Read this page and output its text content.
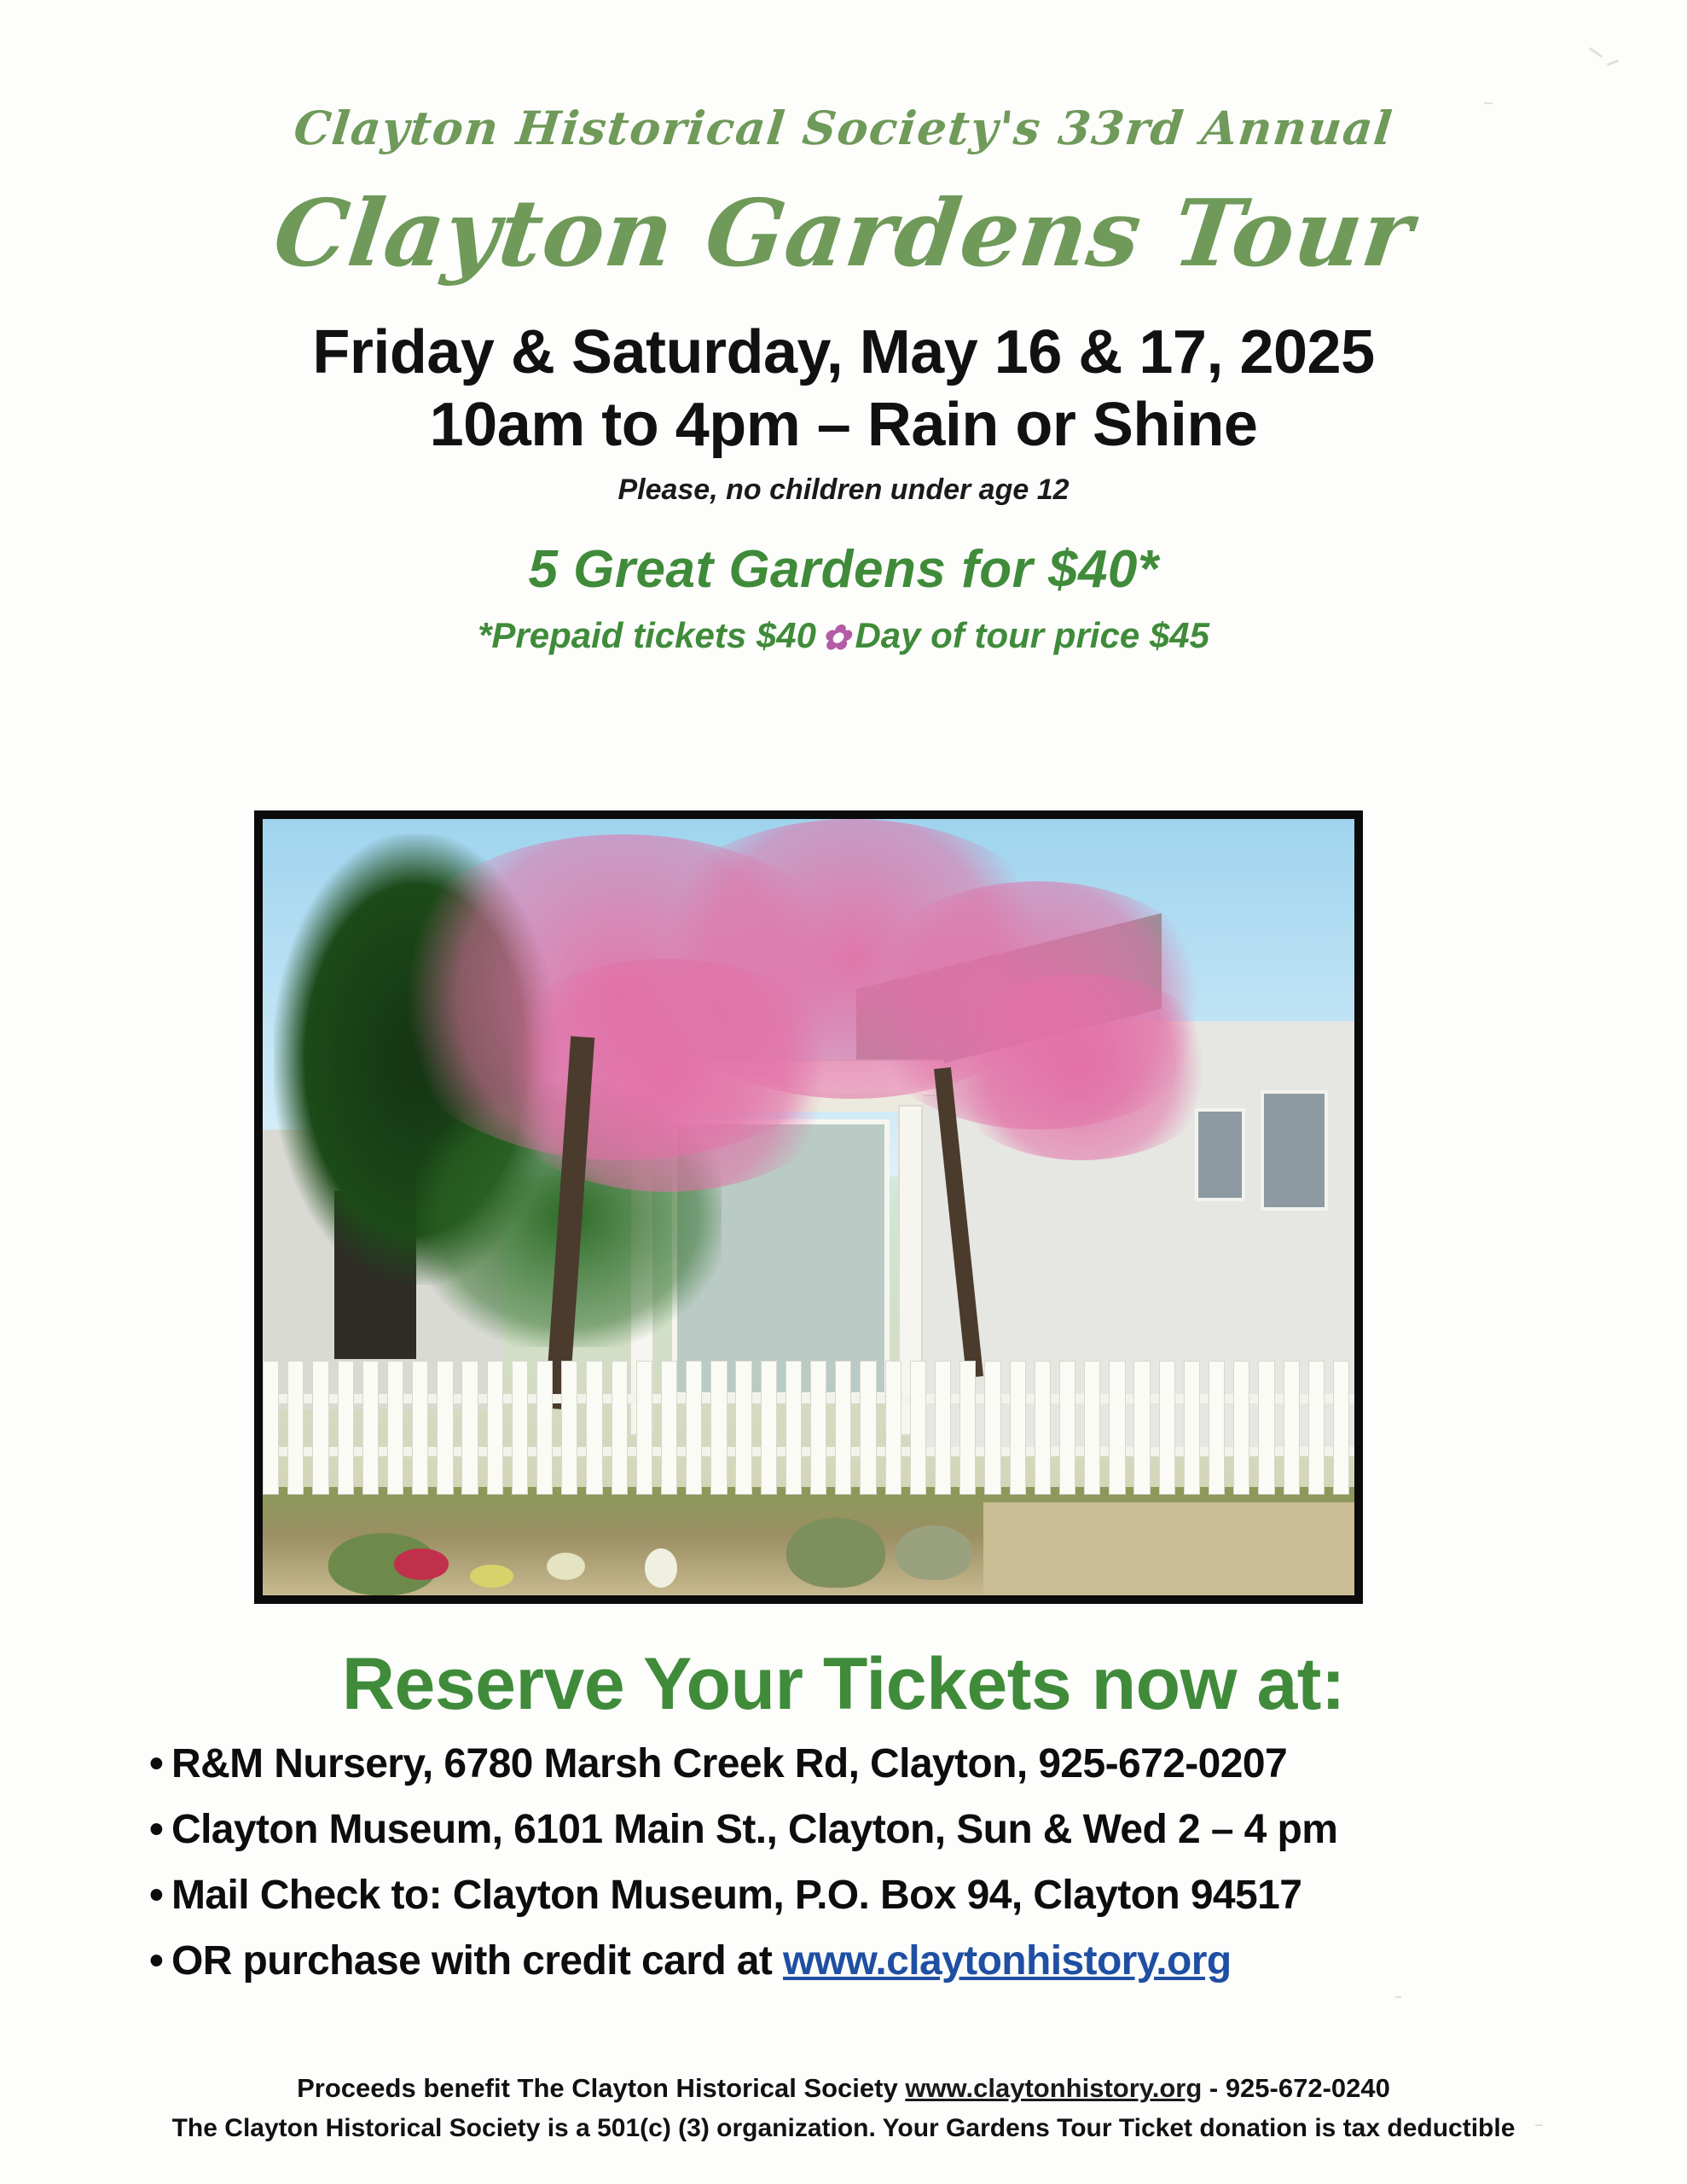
Clayton Historical Society's 33rd Annual
Clayton Gardens Tour
Friday & Saturday, May 16 & 17, 2025
10am to 4pm – Rain or Shine
Please, no children under age 12
5 Great Gardens for $40*
*Prepaid tickets $40 ✿ Day of tour price $45
Reserve Your Tickets now at:
• R&M Nursery, 6780 Marsh Creek Rd, Clayton, 925-672-0207
• Clayton Museum, 6101 Main St., Clayton, Sun & Wed 2 – 4 pm
• Mail Check to: Clayton Museum, P.O. Box 94, Clayton 94517
• OR purchase with credit card at www.claytonhistory.org
Proceeds benefit The Clayton Historical Society www.claytonhistory.org - 925-672-0240
The Clayton Historical Society is a 501(c) (3) organization. Your Gardens Tour Ticket donation is tax deductible
